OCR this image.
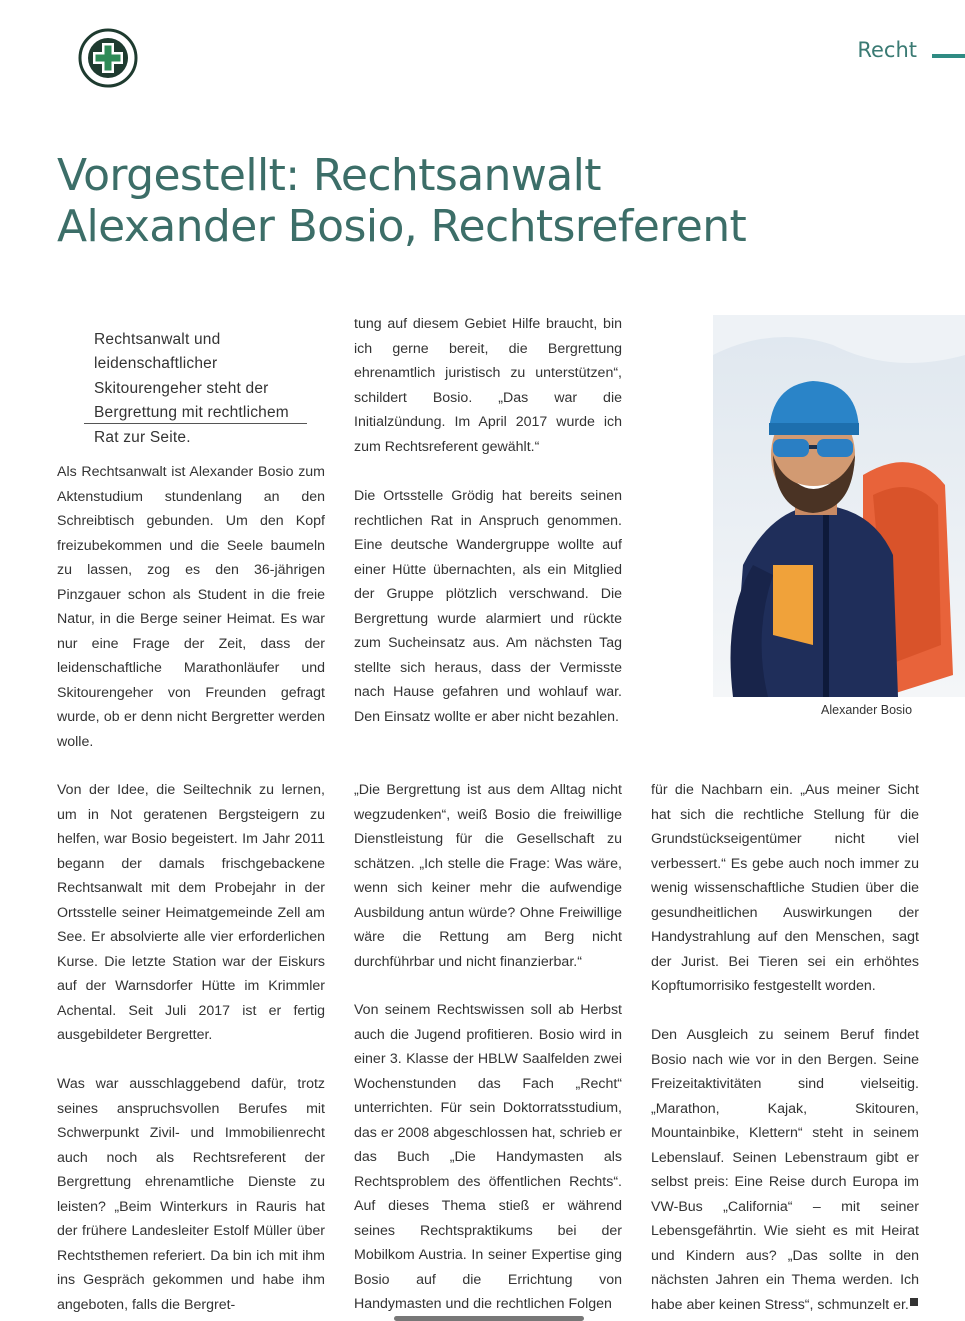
Recht
Vorgestellt: Rechtsanwalt
Alexander Bosio, Rechtsreferent

Rechtsanwalt und leidenschaftlicher Skitourengeher steht der Bergrettung mit rechtlichem Rat zur Seite.

Als Rechtsanwalt ist Alexander Bosio zum Aktenstudium stundenlang an den Schreibtisch gebunden. Um den Kopf freizubekommen und die Seele baumeln zu lassen, zog es den 36-jährigen Pinzgauer schon als Student in die freie Natur, in die Berge seiner Heimat. Es war nur eine Frage der Zeit, dass der leidenschaftliche Marathonläufer und Skitourengeher von Freunden gefragt wurde, ob er denn nicht Bergretter werden wolle.

Von der Idee, die Seiltechnik zu lernen, um in Not geratenen Bergsteigern zu helfen, war Bosio begeistert. Im Jahr 2011 begann der damals frischgebackene Rechtsanwalt mit dem Probejahr in der Ortsstelle seiner Heimatgemeinde Zell am See. Er absolvierte alle vier erforderlichen Kurse. Die letzte Station war der Eiskurs auf der Warnsdorfer Hütte im Krimmler Achental. Seit Juli 2017 ist er fertig ausgebildeter Bergretter.

Was war ausschlaggebend dafür, trotz seines anspruchsvollen Berufes mit Schwerpunkt Zivil- und Immobilienrecht auch noch als Rechtsreferent der Bergrettung ehrenamtliche Dienste zu leisten? „Beim Winterkurs in Rauris hat der frühere Landesleiter Estolf Müller über Rechtsthemen referiert. Da bin ich mit ihm ins Gespräch gekommen und habe ihm angeboten, falls die Bergret-

tung auf diesem Gebiet Hilfe braucht, bin ich gerne bereit, die Bergrettung ehrenamtlich juristisch zu unterstützen“, schildert Bosio. „Das war die Initialzündung. Im April 2017 wurde ich zum Rechtsreferent gewählt.“

Die Ortsstelle Grödig hat bereits seinen rechtlichen Rat in Anspruch genommen. Eine deutsche Wandergruppe wollte auf einer Hütte übernachten, als ein Mitglied der Gruppe plötzlich verschwand. Die Bergrettung wurde alarmiert und rückte zum Sucheinsatz aus. Am nächsten Tag stellte sich heraus, dass der Vermisste nach Hause gefahren und wohlauf war. Den Einsatz wollte er aber nicht bezahlen.

„Die Bergrettung ist aus dem Alltag nicht wegzudenken“, weiß Bosio die freiwillige Dienstleistung für die Gesellschaft zu schätzen. „Ich stelle die Frage: Was wäre, wenn sich keiner mehr die aufwendige Ausbildung antun würde? Ohne Freiwillige wäre die Rettung am Berg nicht durchführbar und nicht finanzierbar.“

Von seinem Rechtswissen soll ab Herbst auch die Jugend profitieren. Bosio wird in einer 3. Klasse der HBLW Saalfelden zwei Wochenstunden das Fach „Recht“ unterrichten. Für sein Doktorratsstudium, das er 2008 abgeschlossen hat, schrieb er das Buch „Die Handymasten als Rechtsproblem des öffentlichen Rechts“. Auf dieses Thema stieß er während seines Rechtspraktikums bei der Mobilkom Austria. In seiner Expertise ging Bosio auf die Errichtung von Handymasten und die rechtlichen Folgen

für die Nachbarn ein. „Aus meiner Sicht hat sich die rechtliche Stellung für die Grundstückseigentümer nicht viel verbessert.“ Es gebe auch noch immer zu wenig wissenschaftliche Studien über die gesundheitlichen Auswirkungen der Handystrahlung auf den Menschen, sagt der Jurist. Bei Tieren sei ein erhöhtes Kopftumorrisiko festgestellt worden.

Den Ausgleich zu seinem Beruf findet Bosio nach wie vor in den Bergen. Seine Freizeitaktivitäten sind vielseitig. „Marathon, Kajak, Skitouren, Mountainbike, Klettern“ steht in seinem Lebenslauf. Seinen Lebenstraum gibt er selbst preis: Eine Reise durch Europa im VW-Bus „California“ – mit seiner Lebensgefährtin. Wie sieht es mit Heirat und Kindern aus? „Das sollte in den nächsten Jahren ein Thema werden. Ich habe aber keinen Stress“, schmunzelt er.

Alexander Bosio
